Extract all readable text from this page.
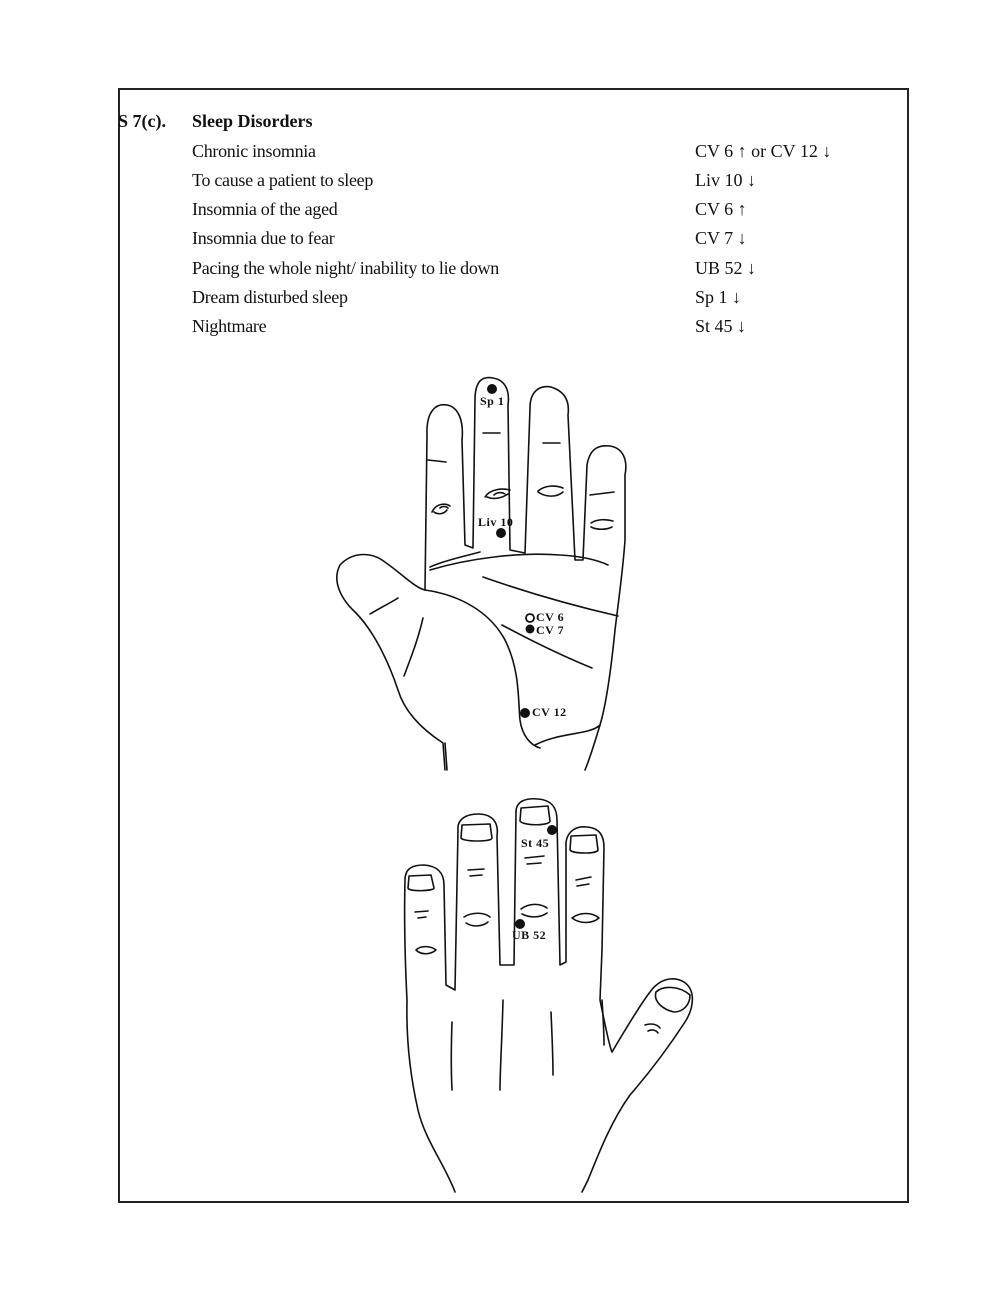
S 7(c). Sleep Disorders
Chronic insomnia	CV 6 ↑ or CV 12 ↓
To cause a patient to sleep	Liv 10 ↓
Insomnia of the aged	CV 6 ↑
Insomnia due to fear	CV 7 ↓
Pacing the whole night/ inability to lie down	UB 52 ↓
Dream disturbed sleep	Sp 1 ↓
Nightmare	St 45 ↓
Sp 1
Liv 10
CV 6
CV 7
CV 12
St 45
UB 52
